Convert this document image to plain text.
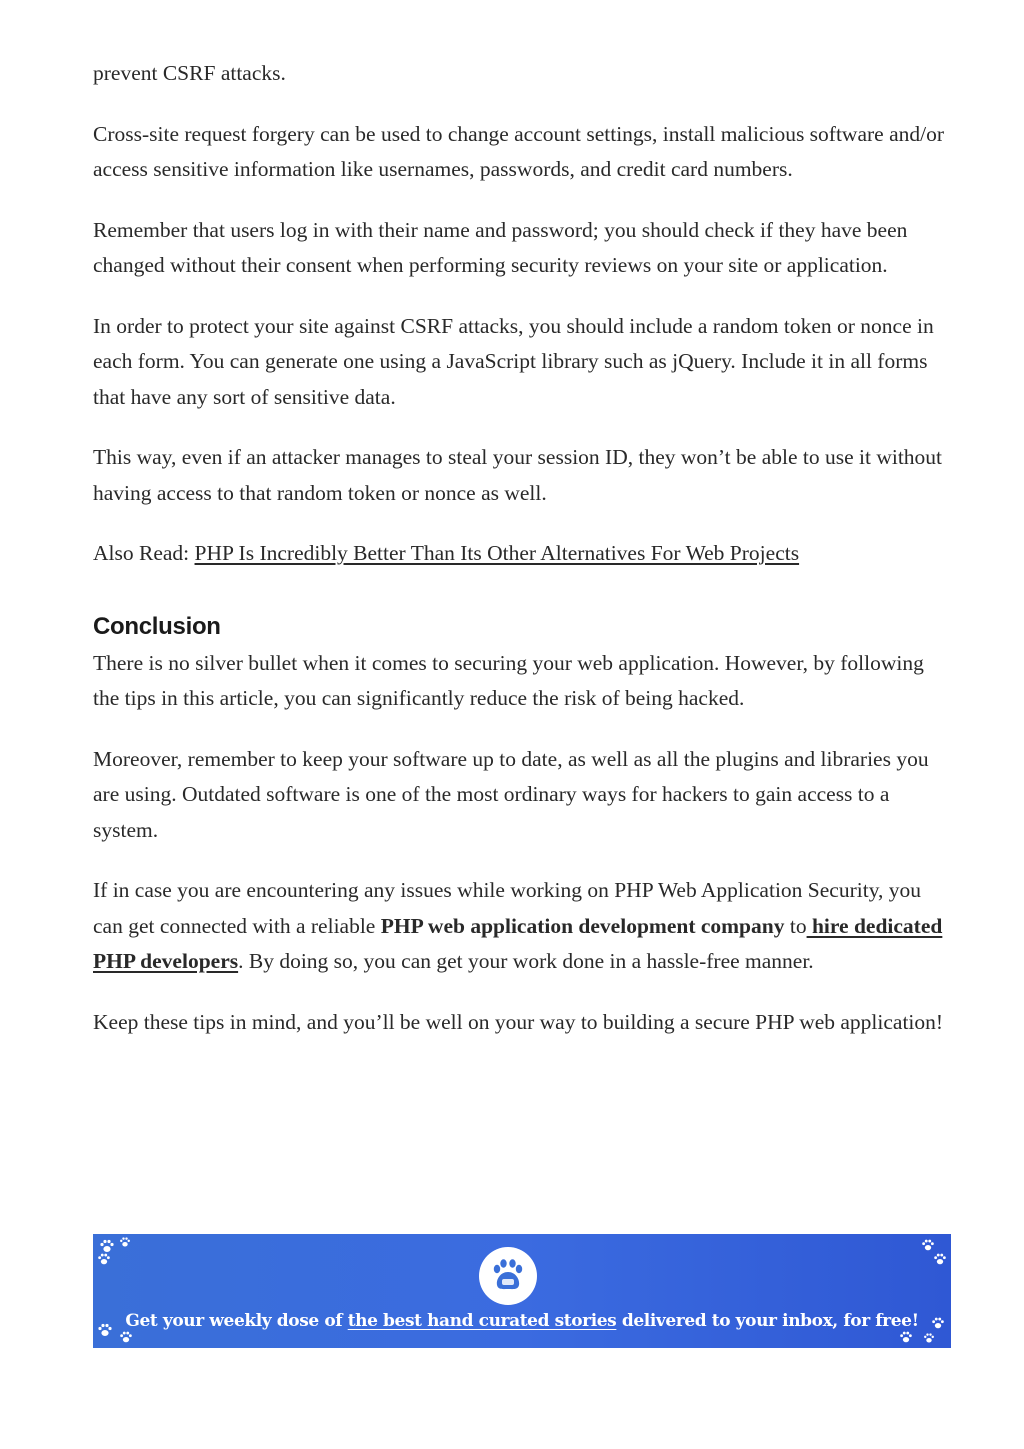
prevent CSRF attacks.

Cross-site request forgery can be used to change account settings, install malicious software and/or access sensitive information like usernames, passwords, and credit card numbers.

Remember that users log in with their name and password; you should check if they have been changed without their consent when performing security reviews on your site or application.

In order to protect your site against CSRF attacks, you should include a random token or nonce in each form. You can generate one using a JavaScript library such as jQuery. Include it in all forms that have any sort of sensitive data.

This way, even if an attacker manages to steal your session ID, they won’t be able to use it without having access to that random token or nonce as well.

Also Read: PHP Is Incredibly Better Than Its Other Alternatives For Web Projects

Conclusion

There is no silver bullet when it comes to securing your web application. However, by following the tips in this article, you can significantly reduce the risk of being hacked.

Moreover, remember to keep your software up to date, as well as all the plugins and libraries you are using. Outdated software is one of the most ordinary ways for hackers to gain access to a system.

If in case you are encountering any issues while working on PHP Web Application Security, you can get connected with a reliable PHP web application development company to hire dedicated PHP developers. By doing so, you can get your work done in a hassle-free manner.

Keep these tips in mind, and you’ll be well on your way to building a secure PHP web application!

Get your weekly dose of the best hand curated stories delivered to your inbox, for free!
